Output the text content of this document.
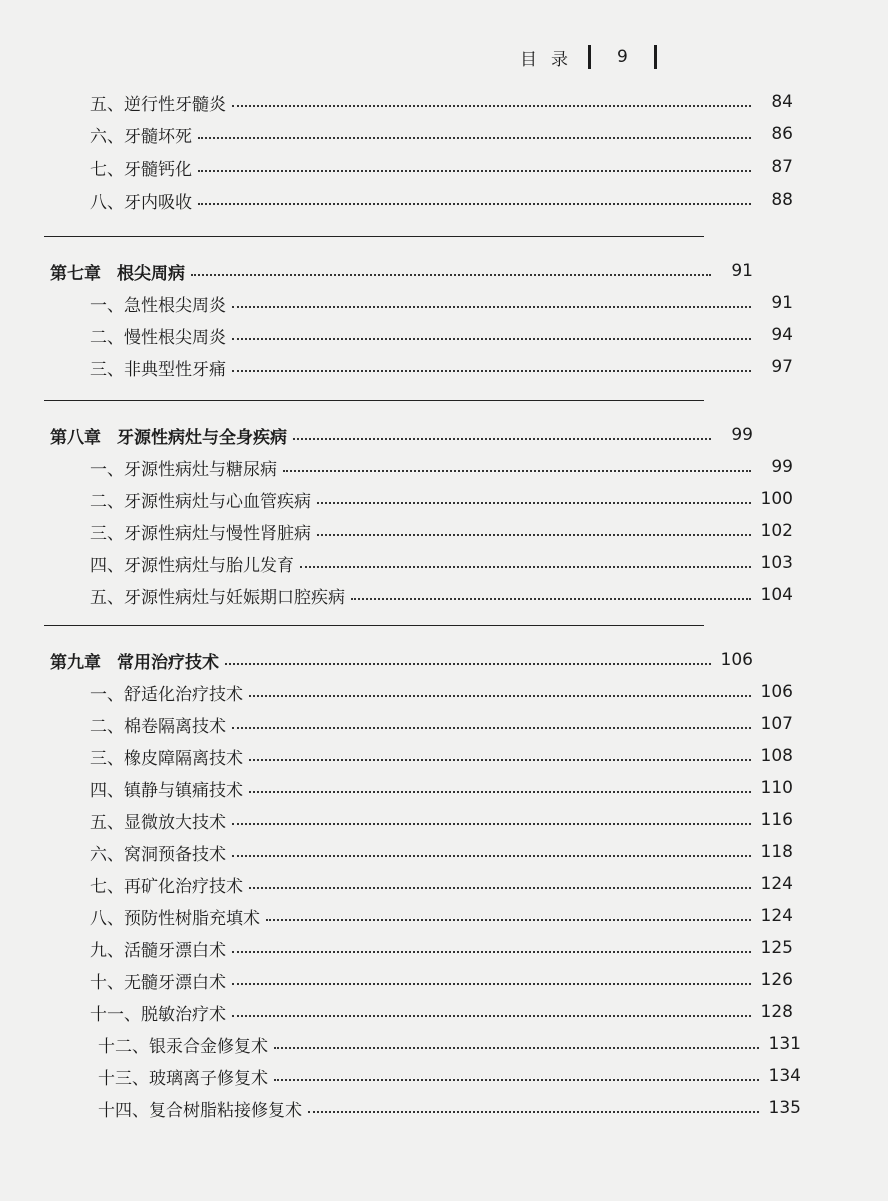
目录 9
五、逆行性牙髓炎	84
六、牙髓坏死	86
七、牙髓钙化	87
八、牙内吸收	88
第七章 根尖周病	91
一、急性根尖周炎	91
二、慢性根尖周炎	94
三、非典型性牙痛	97
第八章 牙源性病灶与全身疾病	99
一、牙源性病灶与糖尿病	99
二、牙源性病灶与心血管疾病	100
三、牙源性病灶与慢性肾脏病	102
四、牙源性病灶与胎儿发育	103
五、牙源性病灶与妊娠期口腔疾病	104
第九章 常用治疗技术	106
一、舒适化治疗技术	106
二、棉卷隔离技术	107
三、橡皮障隔离技术	108
四、镇静与镇痛技术	110
五、显微放大技术	116
六、窝洞预备技术	118
七、再矿化治疗技术	124
八、预防性树脂充填术	124
九、活髓牙漂白术	125
十、无髓牙漂白术	126
十一、脱敏治疗术	128
十二、银汞合金修复术	131
十三、玻璃离子修复术	134
十四、复合树脂粘接修复术	135
